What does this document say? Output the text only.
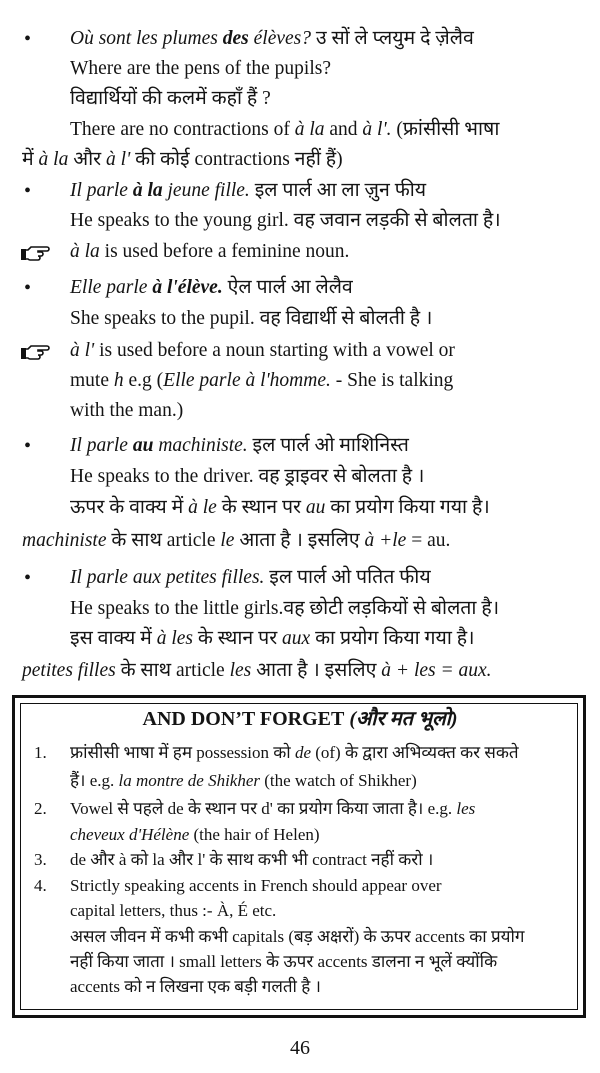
• Où sont les plumes des élèves? उ सों ले प्लयुम दे ज़ेलैव
Where are the pens of the pupils?
विद्यार्थियों की कलमें कहाँ हैं ?
There are no contractions of à la and à l'. (फ्रांसीसी भाषा
में à la और à l' की कोई contractions नहीं हैं)
• Il parle à la jeune fille. इल पार्ल आ ला ज़ुन फीय
He speaks to the young girl. वह जवान लड़की से बोलता है।
à la is used before a feminine noun.
• Elle parle à l'élève. ऐल पार्ल आ लेलैव
She speaks to the pupil. वह विद्यार्थी से बोलती है ।
à l' is used before a noun starting with a vowel or
mute h e.g (Elle parle à l'homme. - She is talking
with the man.)
• Il parle au machiniste. इल पार्ल ओ माशिनिस्त
He speaks to the driver. वह ड्राइवर से बोलता है ।
ऊपर के वाक्य में à le के स्थान पर au का प्रयोग किया गया है।
machiniste के साथ article le आता है । इसलिए à +le = au.
• Il parle aux petites filles. इल पार्ल ओ पतित फीय
He speaks to the little girls.वह छोटी लड़कियों से बोलता है।
इस वाक्य में à les के स्थान पर aux का प्रयोग किया गया है।
petites filles के साथ article les आता है । इसलिए à + les = aux.
AND DON’T FORGET (और मत भूलो)
1. फ्रांसीसी भाषा में हम possession को de (of) के द्वारा अभिव्यक्त कर सकते
हैं। e.g. la montre de Shikher (the watch of Shikher)
2. Vowel से पहले de के स्थान पर d' का प्रयोग किया जाता है। e.g. les
cheveux d'Hélène (the hair of Helen)
3. de और à को la और l' के साथ कभी भी contract नहीं करो ।
4. Strictly speaking accents in French should appear over
capital letters, thus :- À, É etc.
असल जीवन में कभी कभी capitals (बड़ अक्षरों) के ऊपर accents का प्रयोग
नहीं किया जाता । small letters के ऊपर accents डालना न भूलें क्योंकि
accents को न लिखना एक बड़ी गलती है ।
46
